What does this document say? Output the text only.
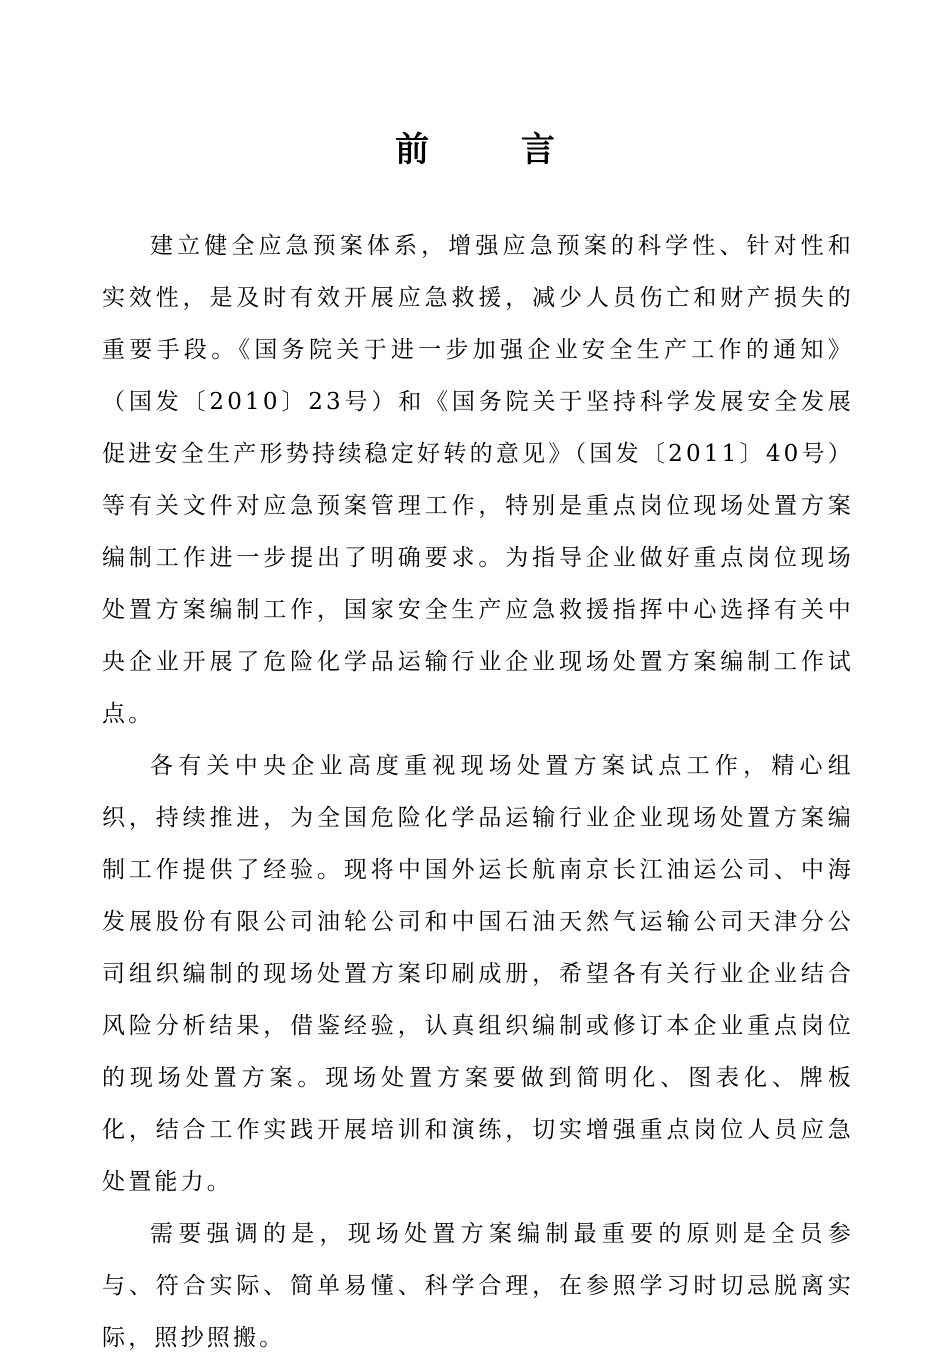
前 言

建立健全应急预案体系，增强应急预案的科学性、针对性和实效性，是及时有效开展应急救援，减少人员伤亡和财产损失的重要手段。《国务院关于进一步加强企业安全生产工作的通知》（国发〔2010〕23号）和《国务院关于坚持科学发展安全发展促进安全生产形势持续稳定好转的意见》（国发〔2011〕40号）等有关文件对应急预案管理工作，特别是重点岗位现场处置方案编制工作进一步提出了明确要求。为指导企业做好重点岗位现场处置方案编制工作，国家安全生产应急救援指挥中心选择有关中央企业开展了危险化学品运输行业企业现场处置方案编制工作试点。

各有关中央企业高度重视现场处置方案试点工作，精心组织，持续推进，为全国危险化学品运输行业企业现场处置方案编制工作提供了经验。现将中国外运长航南京长江油运公司、中海发展股份有限公司油轮公司和中国石油天然气运输公司天津分公司组织编制的现场处置方案印刷成册，希望各有关行业企业结合风险分析结果，借鉴经验，认真组织编制或修订本企业重点岗位的现场处置方案。现场处置方案要做到简明化、图表化、牌板化，结合工作实践开展培训和演练，切实增强重点岗位人员应急处置能力。

需要强调的是，现场处置方案编制最重要的原则是全员参与、符合实际、简单易懂、科学合理，在参照学习时切忌脱离实际，照抄照搬。
